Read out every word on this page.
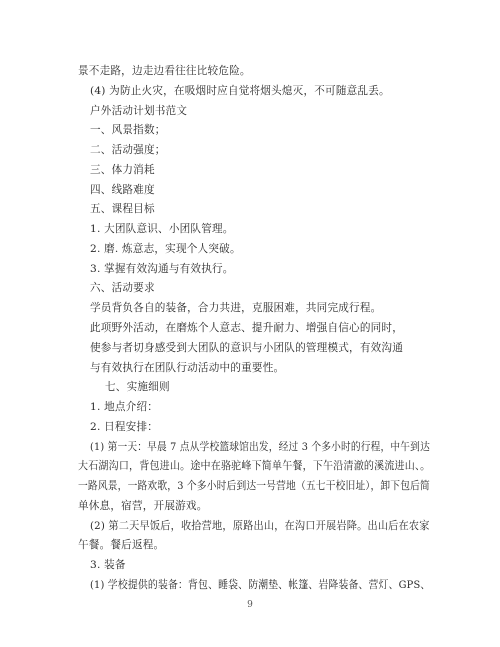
景不走路，边走边看往往比较危险。
(4) 为防止火灾，在吸烟时应自觉将烟头熄灭，不可随意乱丢。
户外活动计划书范文
一、风景指数；
二、活动强度；
三、体力消耗
四、线路难度
五、课程目标
1. 大团队意识、小团队管理。
2. 磨. 炼意志，实现个人突破。
3. 掌握有效沟通与有效执行。
六、活动要求
学员背负各自的装备，合力共进，克服困难，共同完成行程。
此项野外活动，在磨炼个人意志、提升耐力、增强自信心的同时，
使参与者切身感受到大团队的意识与小团队的管理模式，有效沟通
与有效执行在团队行动活动中的重要性。
七、实施细则
1. 地点介绍：
2. 日程安排：
(1) 第一天：早晨 7 点从学校篮球馆出发，经过 3 个多小时的行程，中午到达
大石湖沟口，背包进山。途中在骆驼峰下简单午餐，下午沿清澈的溪流进山、。
一路风景，一路欢歌，3 个多小时后到达一号营地（五七干校旧址），卸下包后简
单休息，宿营，开展游戏。
(2) 第二天早饭后，收拾营地，原路出山，在沟口开展岩降。出山后在农家
午餐。餐后返程。
3. 装备
(1) 学校提供的装备：背包、睡袋、防潮垫、帐篷、岩降装备、营灯、GPS、
9
